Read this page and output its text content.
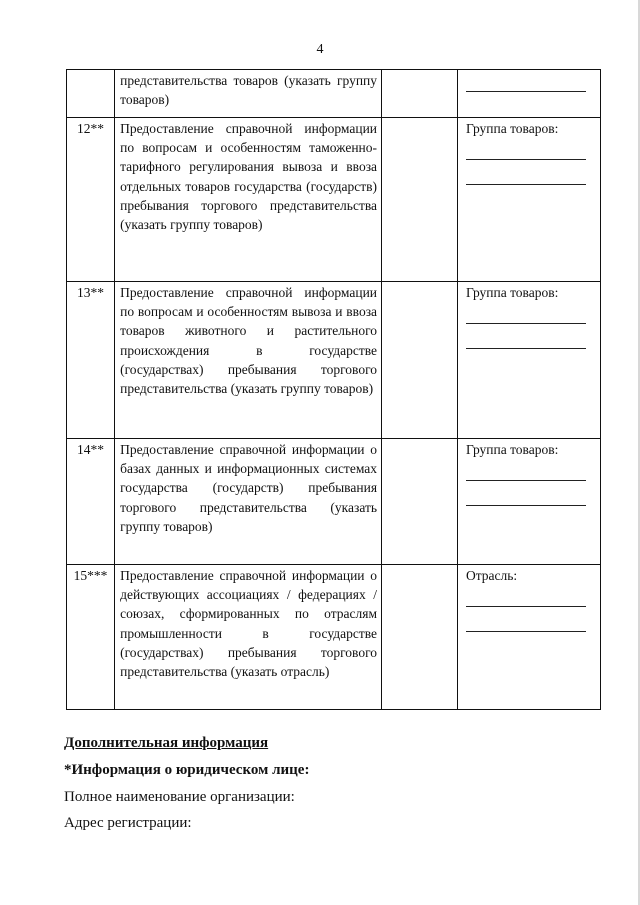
4

	представительства товаров (указать группу товаров)		

12**	Предоставление справочной информации по вопросам и особенностям таможенно-тарифного регулирования вывоза и ввоза отдельных товаров государства (государств) пребывания торгового представительства (указать группу товаров)		Группа товаров:

13**	Предоставление справочной информации по вопросам и особенностям вывоза и ввоза товаров животного и растительного происхождения в государстве (государствах) пребывания торгового представительства (указать группу товаров)		Группа товаров:

14**	Предоставление справочной информации о базах данных и информационных системах государства (государств) пребывания торгового представительства (указать группу товаров)		Группа товаров:

15***	Предоставление справочной информации о действующих ассоциациях / федерациях / союзах, сформированных по отраслям промышленности в государстве (государствах) пребывания торгового представительства (указать отрасль)		Отрасль:
Дополнительная информация
*Информация о юридическом лице:
Полное наименование организации:
Адрес регистрации:
